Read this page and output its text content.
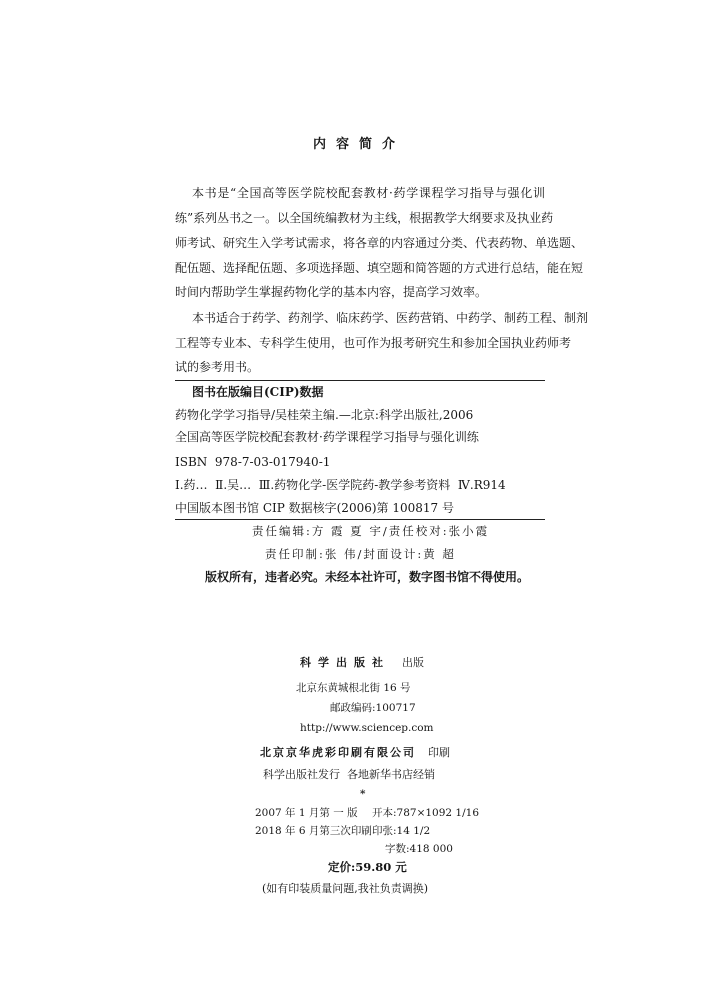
内容简介
本书是“全国高等医学院校配套教材·药学课程学习指导与强化训
练”系列丛书之一。以全国统编教材为主线，根据教学大纲要求及执业药
师考试、研究生入学考试需求，将各章的内容通过分类、代表药物、单选题、
配伍题、选择配伍题、多项选择题、填空题和简答题的方式进行总结，能在短
时间内帮助学生掌握药物化学的基本内容，提高学习效率。
本书适合于药学、药剂学、临床药学、医药营销、中药学、制药工程、制剂
工程等专业本、专科学生使用，也可作为报考研究生和参加全国执业药师考
试的参考用书。
图书在版编目(CIP)数据
药物化学学习指导/吴桂荣主编.—北京:科学出版社,2006
全国高等医学院校配套教材·药学课程学习指导与强化训练
ISBN  978-7-03-017940-1
Ⅰ.药…  Ⅱ.吴…  Ⅲ.药物化学-医学院药-教学参考资料  Ⅳ.R914
中国版本图书馆 CIP 数据核字(2006)第 100817 号
责任编辑:方 霞 夏 宇/责任校对:张小霞
责任印制:张 伟/封面设计:黄 超
版权所有，违者必究。未经本社许可，数字图书馆不得使用。
科学出版社 出版
北京东黄城根北街 16 号
邮政编码:100717
http://www.sciencep.com
北京京华虎彩印刷有限公司 印刷
科学出版社发行  各地新华书店经销
*
2007 年 1 月第 一 版 开本:787×1092 1/16
2018 年 6 月第三次印刷 印张:14 1/2
字数:418 000
定价:59.80 元
(如有印装质量问题,我社负责调换)
